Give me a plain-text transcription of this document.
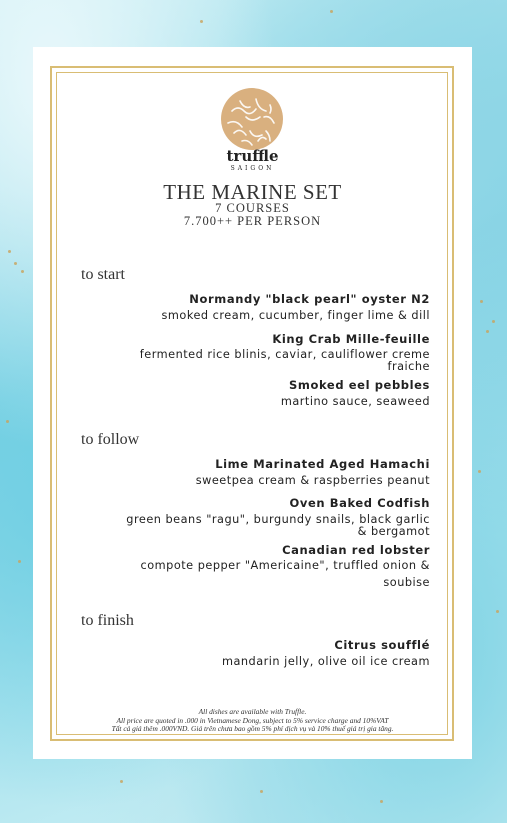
truffle
SAIGON
THE MARINE SET
7 COURSES
7.700++ PER PERSON
to start
Normandy "black pearl" oyster N2
smoked cream, cucumber, finger lime & dill
King Crab Mille-feuille
fermented rice blinis, caviar, cauliflower creme
fraiche
Smoked eel pebbles
martino sauce, seaweed
to follow
Lime Marinated Aged Hamachi
sweetpea cream & raspberries peanut
Oven Baked Codfish
green beans "ragu", burgundy snails, black garlic
& bergamot
Canadian red lobster
compote pepper "Americaine", truffled onion &
soubise
to finish
Citrus soufflé
mandarin jelly, olive oil ice cream
All dishes are available with Truffle.
All price are quoted in .000 in Vietnamese Dong, subject to 5% service charge and 10%VAT
Tất cả giá thêm .000VND. Giá trên chưa bao gồm 5% phí dịch vụ và 10% thuế giá trị gia tăng.
